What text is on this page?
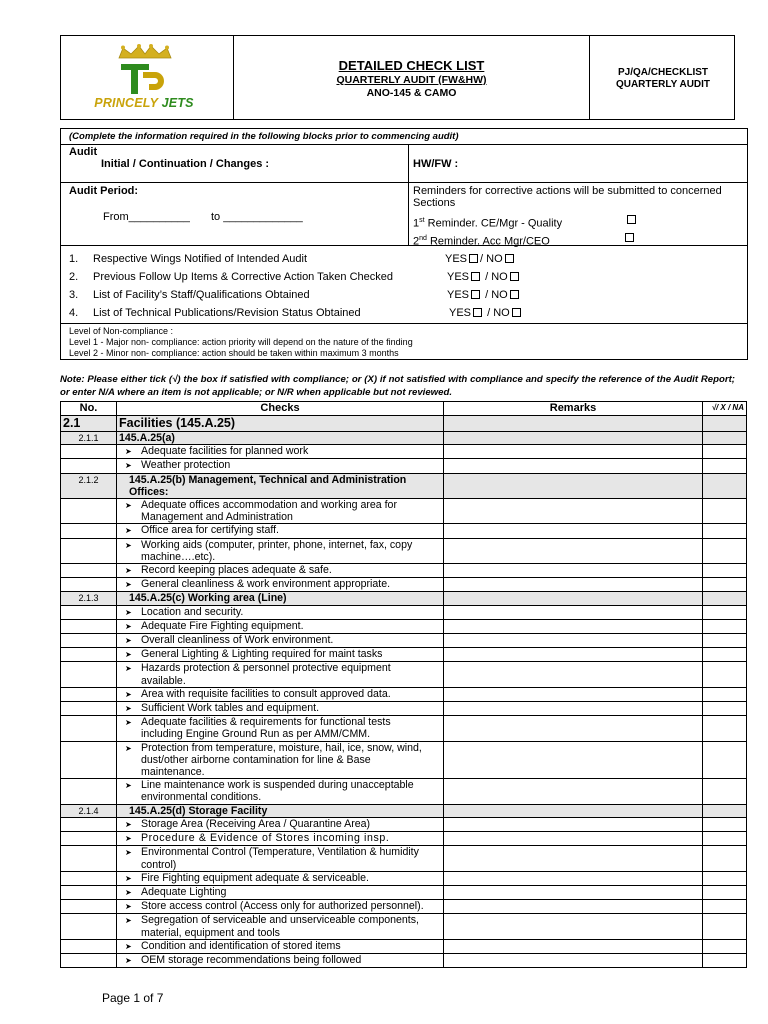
PRINCELY JETS
DETAILED CHECK LIST
QUARTERLY AUDIT (FW&HW)
ANO-145 & CAMO
PJ/QA/CHECKLIST
QUARTERLY AUDIT
(Complete the information required in the following blocks prior to commencing audit)
Audit
Initial / Continuation / Changes :	HW/FW :
Audit Period:
From__________ to _____________
Reminders for corrective actions will be submitted to concerned
Sections
1st Reminder. CE/Mgr - Quality
2nd Reminder. Acc Mgr/CEO
1. Respective Wings Notified of Intended Audit	YES / NO
2. Previous Follow Up Items & Corrective Action Taken Checked	YES / NO
3. List of Facility’s Staff/Qualifications Obtained	YES / NO
4. List of Technical Publications/Revision Status Obtained	YES / NO
Level of Non-compliance :
Level 1 - Major non- compliance: action priority will depend on the nature of the finding
Level 2 - Minor non- compliance: action should be taken within maximum 3 months
Note: Please either tick (√) the box if satisfied with compliance; or (X) if not satisfied with compliance and specify the reference of the Audit Report; or enter N/A where an item is not applicable; or N/R when applicable but not reviewed.
No.	Checks	Remarks	√/ X / NA
2.1	Facilities (145.A.25)		
2.1.1	145.A.25(a)		
	➤ Adequate facilities for planned work		
	➤ Weather protection		
2.1.2	145.A.25(b) Management, Technical and Administration Offices:		
	➤ Adequate offices accommodation and working area for Management and Administration		
	➤ Office area for certifying staff.		
	➤ Working aids (computer, printer, phone, internet, fax, copy machine….etc).		
	➤ Record keeping places adequate & safe.		
	➤ General cleanliness & work environment appropriate.		
2.1.3	145.A.25(c) Working area (Line)		
	➤ Location and security.		
	➤ Adequate Fire Fighting equipment.		
	➤ Overall cleanliness of Work environment.		
	➤ General Lighting & Lighting required for maint tasks		
	➤ Hazards protection & personnel protective equipment available.		
	➤ Area with requisite facilities to consult approved data.		
	➤ Sufficient Work tables and equipment.		
	➤ Adequate facilities & requirements for functional tests including Engine Ground Run as per AMM/CMM.		
	➤ Protection from temperature, moisture, hail, ice, snow, wind, dust/other airborne contamination for line & Base maintenance.		
	➤ Line maintenance work is suspended during unacceptable environmental conditions.		
2.1.4	145.A.25(d) Storage Facility		
	➤ Storage Area (Receiving Area / Quarantine Area)		
	➤ Procedure & Evidence of Stores incoming insp.		
	➤ Environmental Control (Temperature, Ventilation & humidity control)		
	➤ Fire Fighting equipment adequate & serviceable.		
	➤ Adequate Lighting		
	➤ Store access control (Access only for authorized personnel).		
	➤ Segregation of serviceable and unserviceable components, material, equipment and tools		
	➤ Condition and identification of stored items		
	➤ OEM storage recommendations being followed		
Page 1 of 7
